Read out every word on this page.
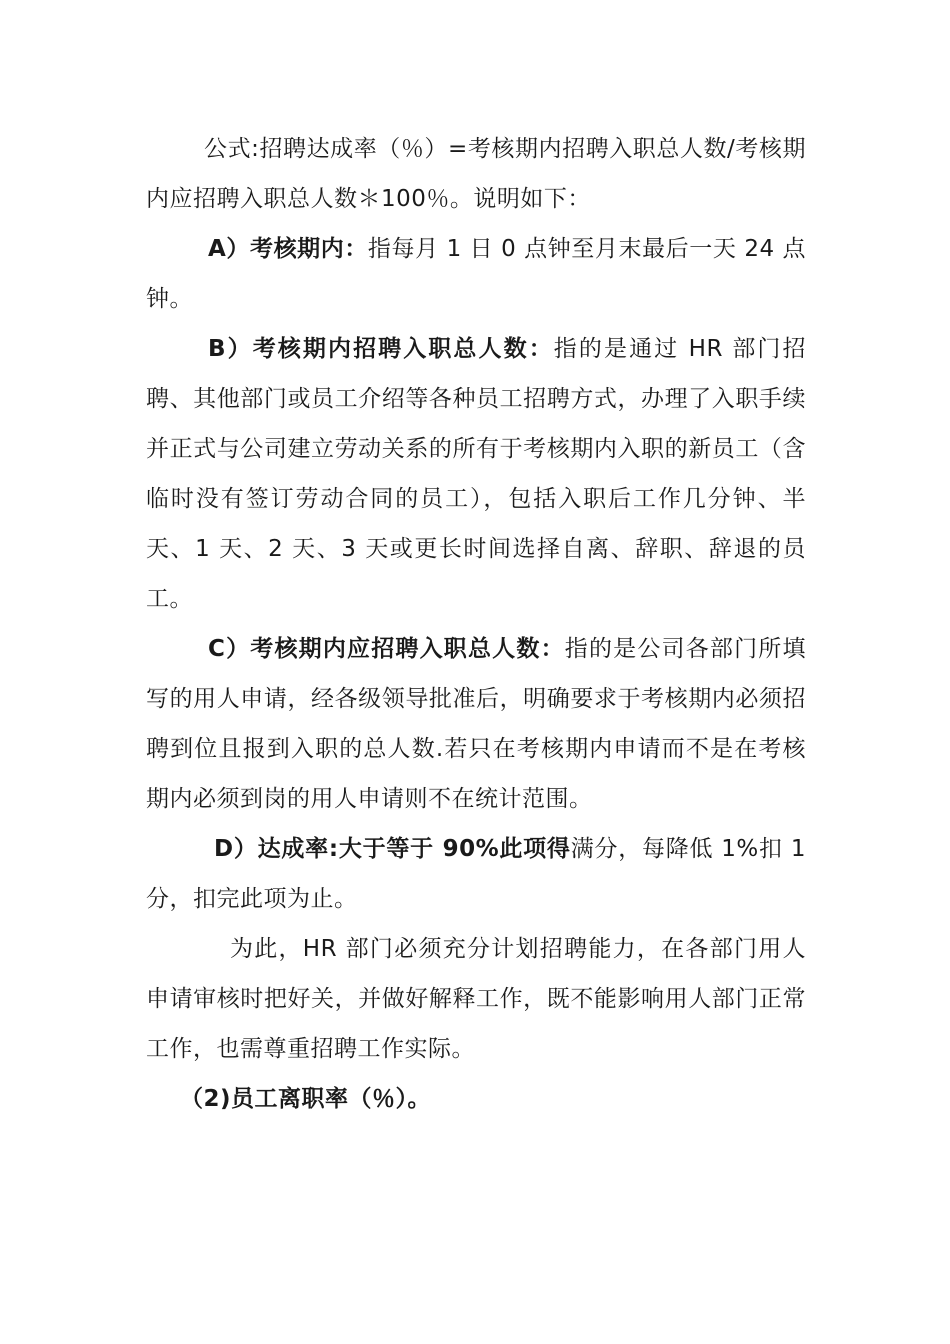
公式:招聘达成率（％）=考核期内招聘入职总人数/考核期内应招聘入职总人数＊100％。说明如下：

A）考核期内：指每月 1 日 0 点钟至月末最后一天 24 点钟。

B）考核期内招聘入职总人数：指的是通过 HR 部门招聘、其他部门或员工介绍等各种员工招聘方式，办理了入职手续并正式与公司建立劳动关系的所有于考核期内入职的新员工（含临时没有签订劳动合同的员工），包括入职后工作几分钟、半天、1 天、2 天、3 天或更长时间选择自离、辞职、辞退的员工。

C）考核期内应招聘入职总人数：指的是公司各部门所填写的用人申请，经各级领导批准后，明确要求于考核期内必须招聘到位且报到入职的总人数.若只在考核期内申请而不是在考核期内必须到岗的用人申请则不在统计范围。

D）达成率:大于等于 90%此项得满分，每降低 1%扣 1 分，扣完此项为止。

为此，HR 部门必须充分计划招聘能力，在各部门用人申请审核时把好关，并做好解释工作，既不能影响用人部门正常工作，也需尊重招聘工作实际。

（2)员工离职率（％）。
